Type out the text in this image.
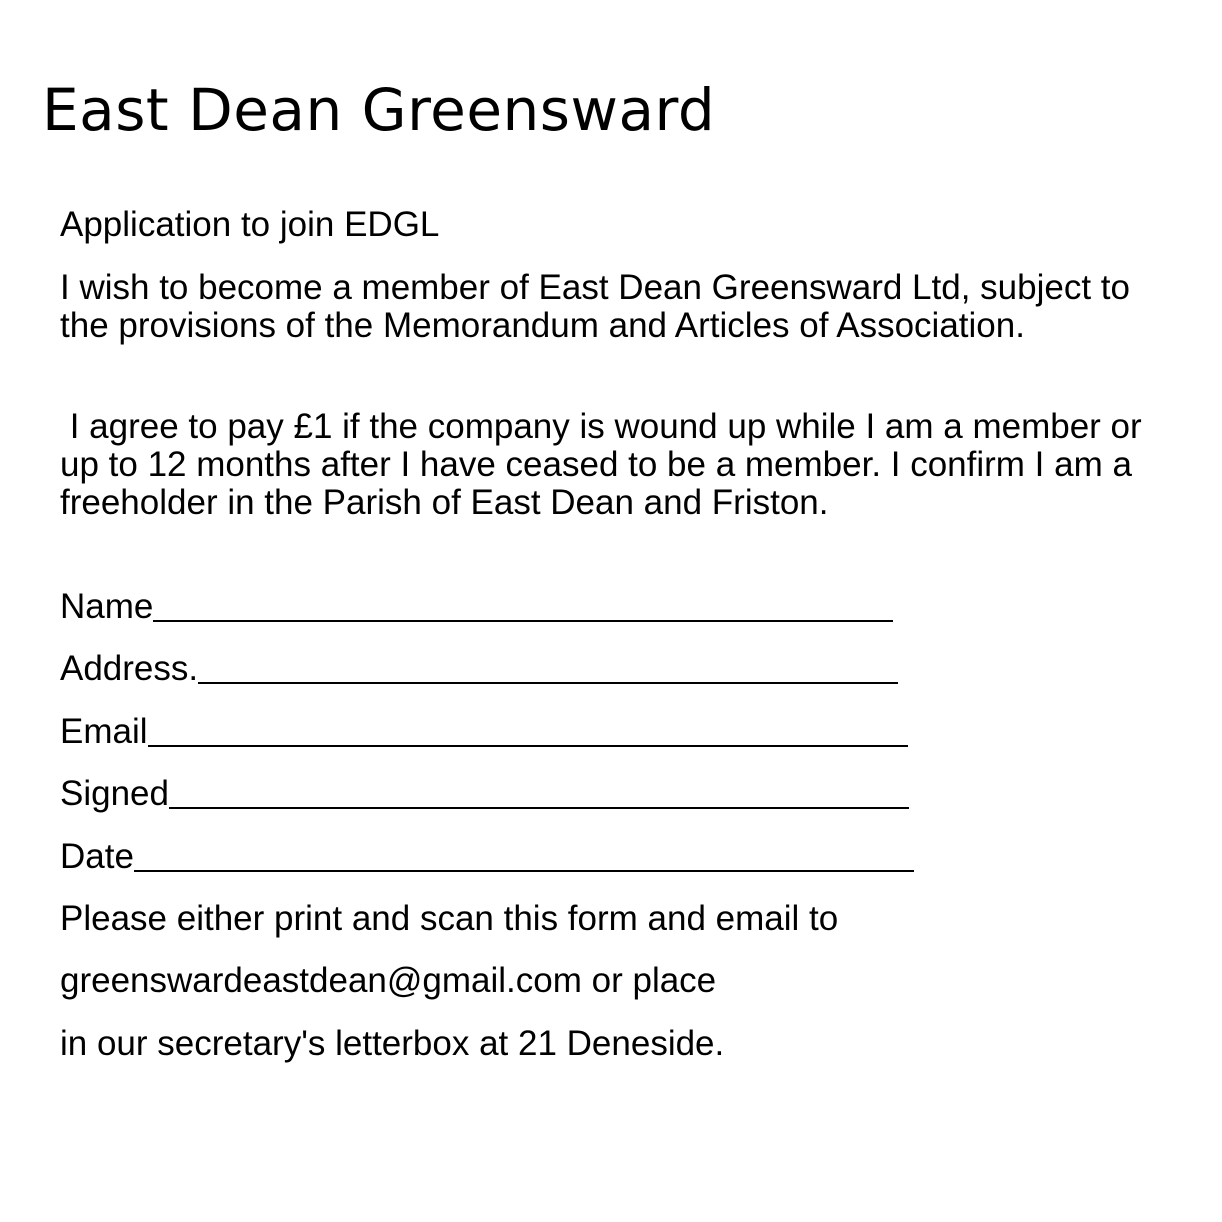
East Dean Greensward

Application to join EDGL

I wish to become a member of East Dean Greensward Ltd, subject to the provisions of the Memorandum and Articles of Association.

I agree to pay £1 if the company is wound up while I am a member or up to 12 months after I have ceased to be a member. I confirm I am a freeholder in the Parish of East Dean and Friston.

Name
Address.
Email
Signed
Date

Please either print and scan this form and email to

greenswardeastdean@gmail.com or place

in our secretary's letterbox at 21 Deneside.
